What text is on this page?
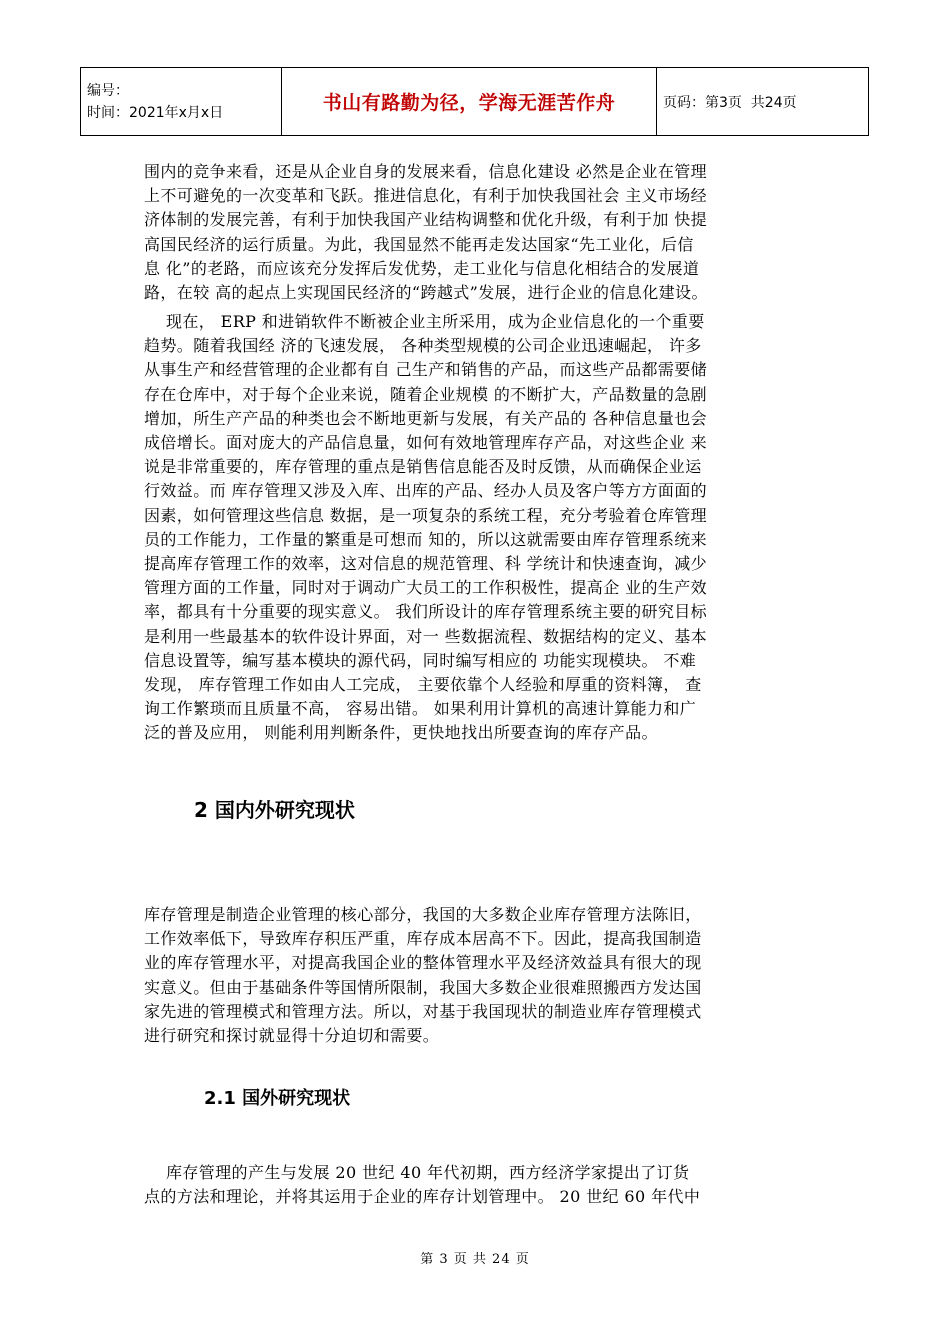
编号：
时间：2021年x月x日	书山有路勤为径，学海无涯苦作舟	页码：第3页  共24页
围内的竞争来看，还是从企业自身的发展来看，信息化建设 必然是企业在管理
上不可避免的一次变革和飞跃。推进信息化，有利于加快我国社会 主义市场经
济体制的发展完善，有利于加快我国产业结构调整和优化升级，有利于加 快提
高国民经济的运行质量。为此，我国显然不能再走发达国家“先工业化，后信
息 化”的老路，而应该充分发挥后发优势，走工业化与信息化相结合的发展道
路，在较 高的起点上实现国民经济的“跨越式”发展，进行企业的信息化建设。
现在， ERP 和进销软件不断被企业主所采用，成为企业信息化的一个重要
趋势。随着我国经 济的飞速发展， 各种类型规模的公司企业迅速崛起， 许多
从事生产和经营管理的企业都有自 己生产和销售的产品，而这些产品都需要储
存在仓库中，对于每个企业来说，随着企业规模 的不断扩大，产品数量的急剧
增加，所生产产品的种类也会不断地更新与发展，有关产品的 各种信息量也会
成倍增长。面对庞大的产品信息量，如何有效地管理库存产品，对这些企业 来
说是非常重要的，库存管理的重点是销售信息能否及时反馈，从而确保企业运
行效益。而 库存管理又涉及入库、出库的产品、经办人员及客户等方方面面的
因素，如何管理这些信息 数据，是一项复杂的系统工程，充分考验着仓库管理
员的工作能力，工作量的繁重是可想而 知的，所以这就需要由库存管理系统来
提高库存管理工作的效率，这对信息的规范管理、科 学统计和快速查询，减少
管理方面的工作量，同时对于调动广大员工的工作积极性，提高企 业的生产效
率，都具有十分重要的现实意义。 我们所设计的库存管理系统主要的研究目标
是利用一些最基本的软件设计界面，对一 些数据流程、数据结构的定义、基本
信息设置等，编写基本模块的源代码，同时编写相应的 功能实现模块。 不难
发现， 库存管理工作如由人工完成， 主要依靠个人经验和厚重的资料簿， 查
询工作繁琐而且质量不高， 容易出错。 如果利用计算机的高速计算能力和广
泛的普及应用， 则能利用判断条件，更快地找出所要查询的库存产品。
2 国内外研究现状
库存管理是制造企业管理的核心部分，我国的大多数企业库存管理方法陈旧，
工作效率低下，导致库存积压严重，库存成本居高不下。因此，提高我国制造
业的库存管理水平，对提高我国企业的整体管理水平及经济效益具有很大的现
实意义。但由于基础条件等国情所限制，我国大多数企业很难照搬西方发达国
家先进的管理模式和管理方法。所以，对基于我国现状的制造业库存管理模式
进行研究和探讨就显得十分迫切和需要。
2.1 国外研究现状
库存管理的产生与发展 20 世纪 40 年代初期，西方经济学家提出了订货
点的方法和理论，并将其运用于企业的库存计划管理中。 20 世纪 60 年代中
第 3 页 共 24 页
